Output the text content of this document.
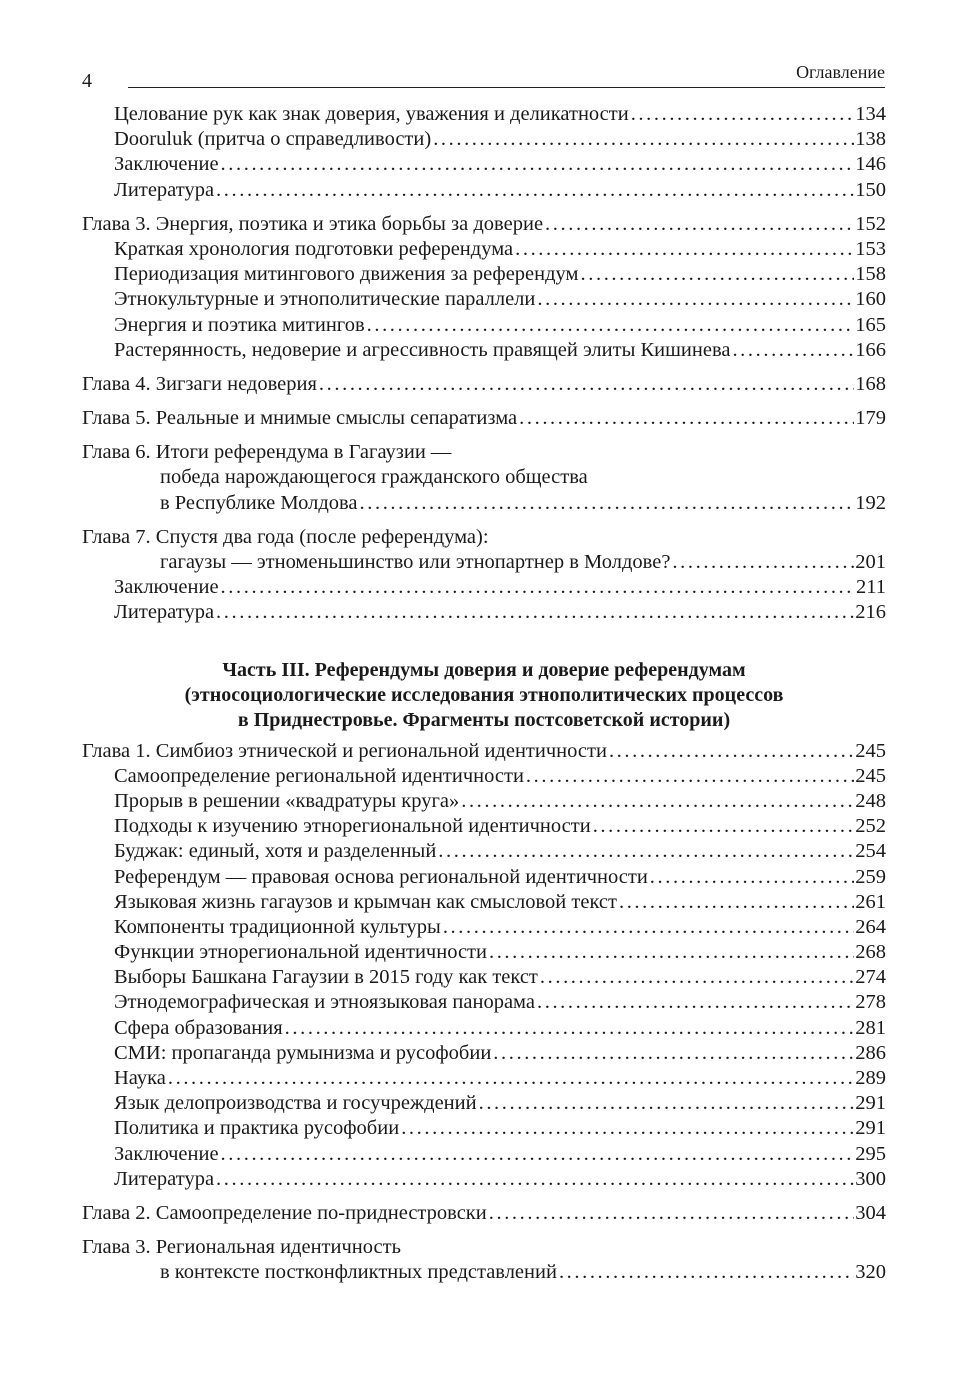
4	Оглавление
Целование рук как знак доверия, уважения и деликатности .....	134
Dooruluk (притча о справедливости) .....	138
Заключение .....	146
Литература .....	150
Глава 3. Энергия, поэтика и этика борьбы за доверие .....	152
Краткая хронология подготовки референдума .....	153
Периодизация митингового движения за референдум .....	158
Этнокультурные и этнополитические параллели .....	160
Энергия и поэтика митингов .....	165
Растерянность, недоверие и агрессивность правящей элиты Кишинева .....	166
Глава 4. Зигзаги недоверия .....	168
Глава 5. Реальные и мнимые смыслы сепаратизма .....	179
Глава 6. Итоги референдума в Гагаузии —
победа нарождающегося гражданского общества
в Республике Молдова .....	192
Глава 7. Спустя два года (после референдума):
гагаузы — этноменьшинство или этнопартнер в Молдове? .....	201
Заключение .....	211
Литература .....	216
Часть III. Референдумы доверия и доверие референдумам
(этносоциологические исследования этнополитических процессов
в Приднестровье. Фрагменты постсоветской истории)
Глава 1. Симбиоз этнической и региональной идентичности .....	245
Самоопределение региональной идентичности .....	245
Прорыв в решении «квадратуры круга» .....	248
Подходы к изучению этнорегиональной идентичности .....	252
Буджак: единый, хотя и разделенный .....	254
Референдум — правовая основа региональной идентичности .....	259
Языковая жизнь гагаузов и крымчан как смысловой текст .....	261
Компоненты традиционной культуры .....	264
Функции этнорегиональной идентичности .....	268
Выборы Башкана Гагаузии в 2015 году как текст .....	274
Этнодемографическая и этноязыковая панорама .....	278
Сфера образования .....	281
СМИ: пропаганда румынизма и русофобии .....	286
Наука .....	289
Язык делопроизводства и госучреждений .....	291
Политика и практика русофобии .....	291
Заключение .....	295
Литература .....	300
Глава 2. Самоопределение по-приднестровски .....	304
Глава 3. Региональная идентичность
в контексте постконфликтных представлений .....	320
